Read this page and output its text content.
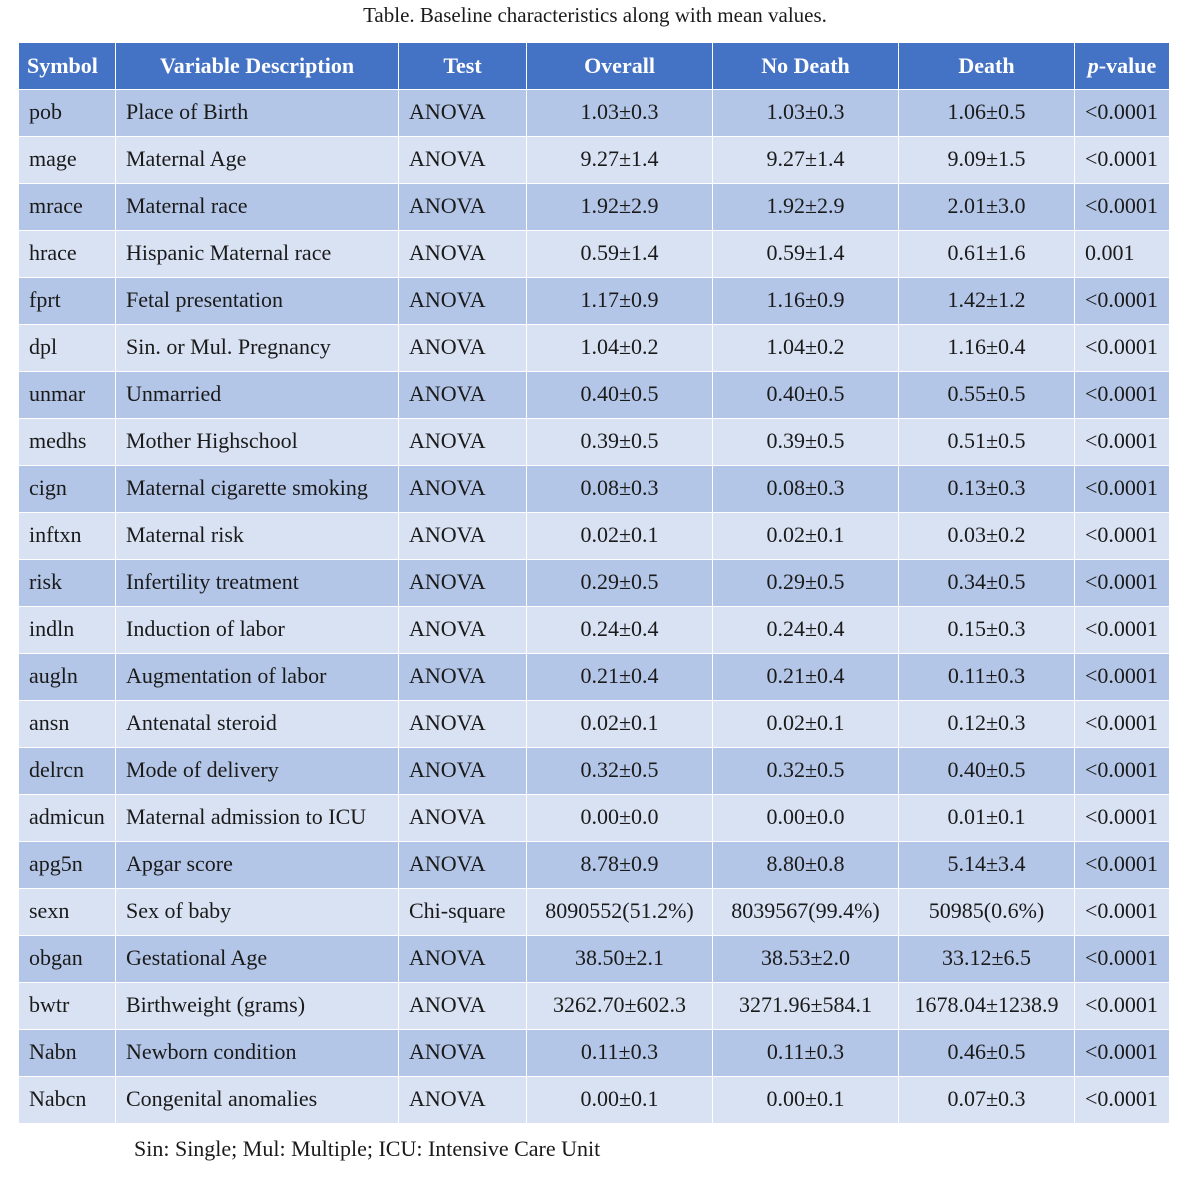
Table. Baseline characteristics along with mean values.
Symbol	Variable Description	Test	Overall	No Death	Death	p-value
pob	Place of Birth	ANOVA	1.03±0.3	1.03±0.3	1.06±0.5	<0.0001
mage	Maternal Age	ANOVA	9.27±1.4	9.27±1.4	9.09±1.5	<0.0001
mrace	Maternal race	ANOVA	1.92±2.9	1.92±2.9	2.01±3.0	<0.0001
hrace	Hispanic Maternal race	ANOVA	0.59±1.4	0.59±1.4	0.61±1.6	0.001
fprt	Fetal presentation	ANOVA	1.17±0.9	1.16±0.9	1.42±1.2	<0.0001
dpl	Sin. or Mul. Pregnancy	ANOVA	1.04±0.2	1.04±0.2	1.16±0.4	<0.0001
unmar	Unmarried	ANOVA	0.40±0.5	0.40±0.5	0.55±0.5	<0.0001
medhs	Mother Highschool	ANOVA	0.39±0.5	0.39±0.5	0.51±0.5	<0.0001
cign	Maternal cigarette smoking	ANOVA	0.08±0.3	0.08±0.3	0.13±0.3	<0.0001
inftxn	Maternal risk	ANOVA	0.02±0.1	0.02±0.1	0.03±0.2	<0.0001
risk	Infertility treatment	ANOVA	0.29±0.5	0.29±0.5	0.34±0.5	<0.0001
indln	Induction of labor	ANOVA	0.24±0.4	0.24±0.4	0.15±0.3	<0.0001
augln	Augmentation of labor	ANOVA	0.21±0.4	0.21±0.4	0.11±0.3	<0.0001
ansn	Antenatal steroid	ANOVA	0.02±0.1	0.02±0.1	0.12±0.3	<0.0001
delrcn	Mode of delivery	ANOVA	0.32±0.5	0.32±0.5	0.40±0.5	<0.0001
admicun	Maternal admission to ICU	ANOVA	0.00±0.0	0.00±0.0	0.01±0.1	<0.0001
apg5n	Apgar score	ANOVA	8.78±0.9	8.80±0.8	5.14±3.4	<0.0001
sexn	Sex of baby	Chi-square	8090552(51.2%)	8039567(99.4%)	50985(0.6%)	<0.0001
obgan	Gestational Age	ANOVA	38.50±2.1	38.53±2.0	33.12±6.5	<0.0001
bwtr	Birthweight (grams)	ANOVA	3262.70±602.3	3271.96±584.1	1678.04±1238.9	<0.0001
Nabn	Newborn condition	ANOVA	0.11±0.3	0.11±0.3	0.46±0.5	<0.0001
Nabcn	Congenital anomalies	ANOVA	0.00±0.1	0.00±0.1	0.07±0.3	<0.0001
Sin: Single; Mul: Multiple; ICU: Intensive Care Unit
